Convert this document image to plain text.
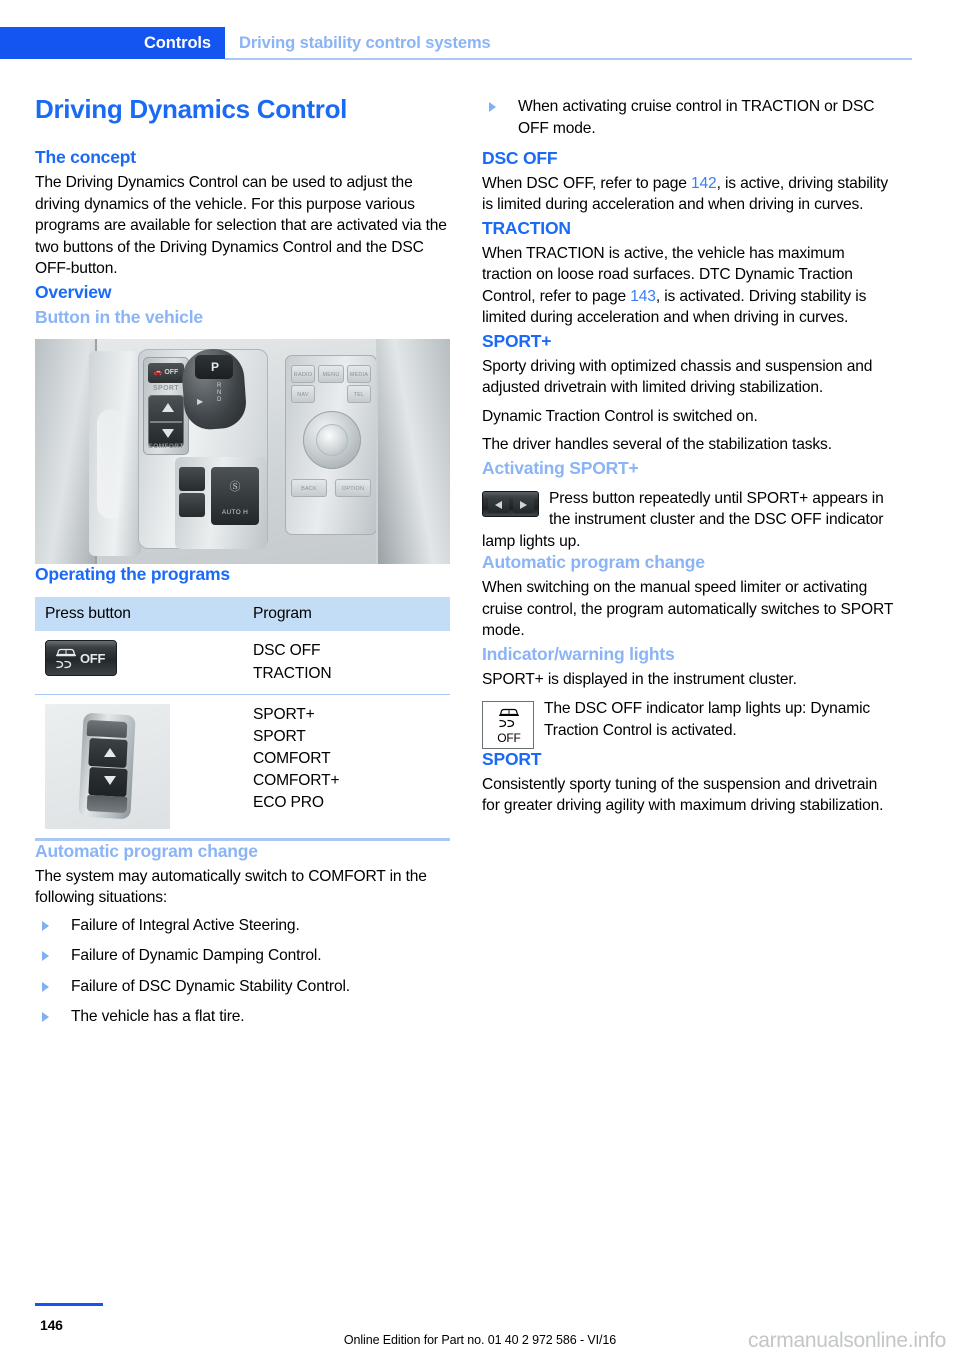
Controls	Driving stability control systems
Driving Dynamics Control
The concept

The Driving Dynamics Control can be used to adjust the driving dynamics of the vehicle. For this purpose various programs are available for selection that are activated via the two buttons of the Driving Dynamics Control and the DSC OFF-button.

Overview
Button in the vehicle
🚗 OFF
SPORT
COMFORT
P
R
N
D
▶
Ⓢ
AUTO H
RADIO	MENU	MEDIA
NAV	TEL
BACK	OPTION
Operating the programs
Press button	Program

OFF	DSC OFF
TRACTION

	SPORT+
SPORT
COMFORT
COMFORT+
ECO PRO
Automatic program change

The system may automatically switch to COMFORT in the following situations:

Failure of Integral Active Steering.
Failure of Dynamic Damping Control.
Failure of DSC Dynamic Stability Control.
The vehicle has a flat tire.
When activating cruise control in TRACTION or DSC OFF mode.
DSC OFF

When DSC OFF, refer to page 142, is active, driving stability is limited during acceleration and when driving in curves.

TRACTION

When TRACTION is active, the vehicle has maximum traction on loose road surfaces. DTC Dynamic Traction Control, refer to page 143, is activated. Driving stability is limited during acceleration and when driving in curves.

SPORT+

Sporty driving with optimized chassis and suspension and adjusted drivetrain with limited driving stabilization.

Dynamic Traction Control is switched on.

The driver handles several of the stabilization tasks.

Activating SPORT+
Press button repeatedly until SPORT+ appears in the instrument cluster and the DSC OFF indicator lamp lights up.
Automatic program change

When switching on the manual speed limiter or activating cruise control, the program automatically switches to SPORT mode.

Indicator/warning lights

SPORT+ is displayed in the instrument cluster.

OFF
The DSC OFF indicator lamp lights up: Dynamic Traction Control is activated.
SPORT

Consistently sporty tuning of the suspension and drivetrain for greater driving agility with maximum driving stabilization.

146
Online Edition for Part no. 01 40 2 972 586 - VI/16	carmanualsonline.info
